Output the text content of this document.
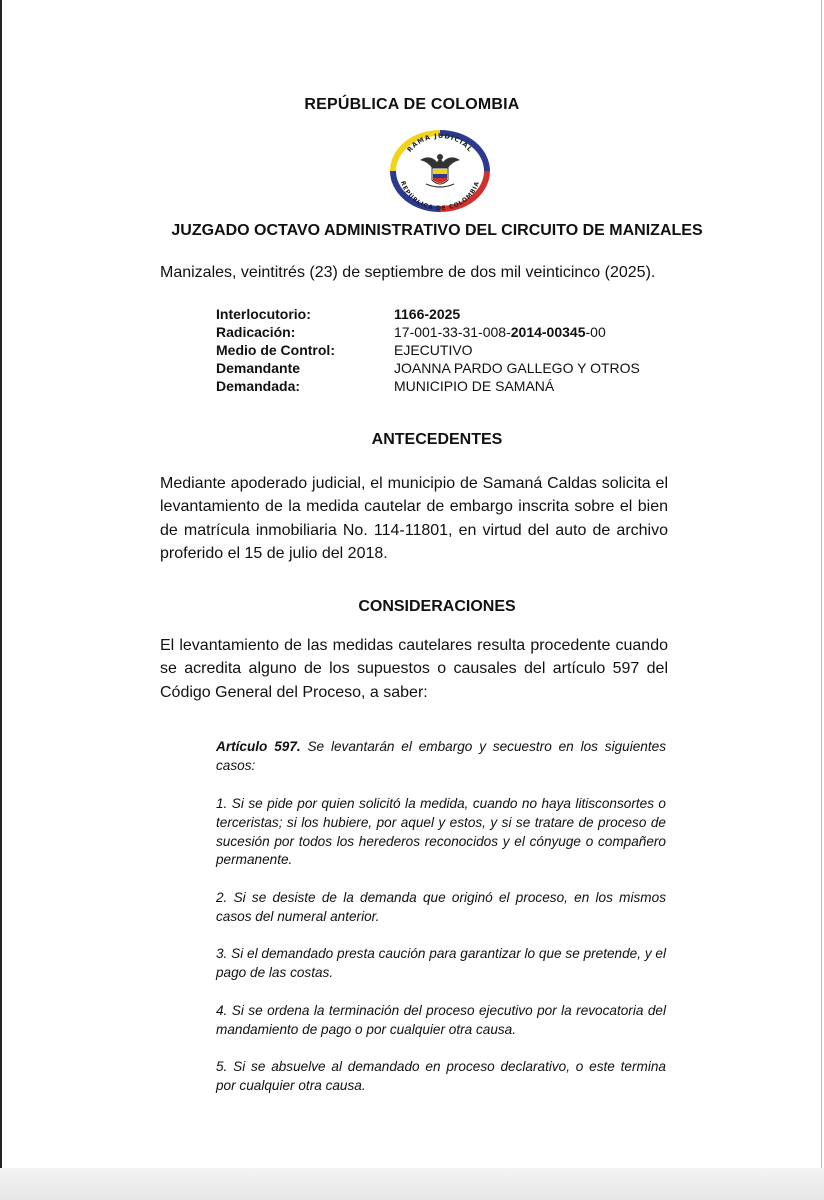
REPÚBLICA DE COLOMBIA
RAMA JUDICIAL
REPÚBLICA DE COLOMBIA
JUZGADO OCTAVO ADMINISTRATIVO DEL CIRCUITO DE MANIZALES
Manizales, veintitrés (23) de septiembre de dos mil veinticinco (2025).
Interlocutorio:	1166-2025
Radicación:	17-001-33-31-008-2014-00345-00
Medio de Control:	EJECUTIVO
Demandante	JOANNA PARDO GALLEGO Y OTROS
Demandada:	MUNICIPIO DE SAMANÁ
ANTECEDENTES

Mediante apoderado judicial, el municipio de Samaná Caldas solicita el levantamiento de la medida cautelar de embargo inscrita sobre el bien de matrícula inmobiliaria No. 114-11801, en virtud del auto de archivo proferido el 15 de julio del 2018.

CONSIDERACIONES

El levantamiento de las medidas cautelares resulta procedente cuando se acredita alguno de los supuestos o causales del artículo 597 del Código General del Proceso, a saber:

Artículo 597. Se levantarán el embargo y secuestro en los siguientes casos:

1. Si se pide por quien solicitó la medida, cuando no haya litisconsortes o terceristas; si los hubiere, por aquel y estos, y si se tratare de proceso de sucesión por todos los herederos reconocidos y el cónyuge o compañero permanente.

2. Si se desiste de la demanda que originó el proceso, en los mismos casos del numeral anterior.

3. Si el demandado presta caución para garantizar lo que se pretende, y el pago de las costas.

4. Si se ordena la terminación del proceso ejecutivo por la revocatoria del mandamiento de pago o por cualquier otra causa.

5. Si se absuelve al demandado en proceso declarativo, o este termina por cualquier otra causa.
